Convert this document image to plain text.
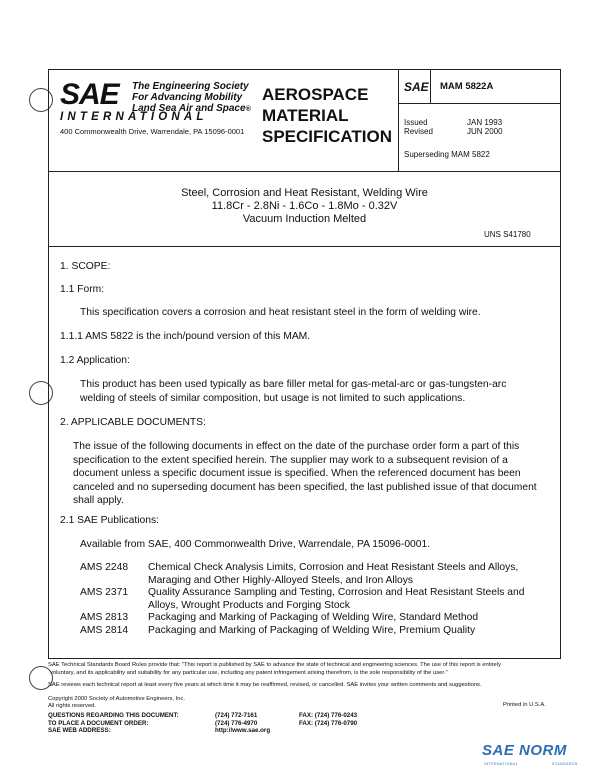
SAE	The Engineering Society
For Advancing Mobility
Land Sea Air and Space®
INTERNATIONAL
400 Commonwealth Drive, Warrendale, PA 15096-0001
AEROSPACE
MATERIAL
SPECIFICATION
SAE MAM 5822A
Issued	JAN 1993
Revised	JUN 2000
Superseding MAM 5822
Steel, Corrosion and Heat Resistant, Welding Wire
11.8Cr - 2.8Ni - 1.6Co - 1.8Mo - 0.32V
Vacuum Induction Melted
UNS S41780
1. SCOPE:
1.1 Form:
This specification covers a corrosion and heat resistant steel in the form of welding wire.
1.1.1 AMS 5822 is the inch/pound version of this MAM.
1.2 Application:
This product has been used typically as bare filler metal for gas-metal-arc or gas-tungsten-arc
welding of steels of similar composition, but usage is not limited to such applications.
2. APPLICABLE DOCUMENTS:
The issue of the following documents in effect on the date of the purchase order form a part of this
specification to the extent specified herein. The supplier may work to a subsequent revision of a
document unless a specific document issue is specified. When the referenced document has been
canceled and no superseding document has been specified, the last published issue of that document
shall apply.
2.1 SAE Publications:
Available from SAE, 400 Commonwealth Drive, Warrendale, PA 15096-0001.
AMS 2248	Chemical Check Analysis Limits, Corrosion and Heat Resistant Steels and Alloys,
Maraging and Other Highly-Alloyed Steels, and Iron Alloys
AMS 2371	Quality Assurance Sampling and Testing, Corrosion and Heat Resistant Steels and
Alloys, Wrought Products and Forging Stock
AMS 2813	Packaging and Marking of Packaging of Welding Wire, Standard Method
AMS 2814	Packaging and Marking of Packaging of Welding Wire, Premium Quality
SAE Technical Standards Board Rules provide that: "This report is published by SAE to advance the state of technical and engineering sciences. The use of this report is entirely
voluntary, and its applicability and suitability for any particular use, including any patent infringement arising therefrom, is the sole responsibility of the user."
SAE reviews each technical report at least every five years at which time it may be reaffirmed, revised, or cancelled. SAE invites your written comments and suggestions.
Copyright 2000 Society of Automotive Engineers, Inc.
All rights reserved.	Printed in U.S.A.
QUESTIONS REGARDING THIS DOCUMENT:	(724) 772-7161	FAX: (724) 776-0243
TO PLACE A DOCUMENT ORDER:	(724) 776-4970	FAX: (724) 776-0790
SAE WEB ADDRESS:	http://www.sae.org
SAE NORM
INTERNATIONAL	STANDARDS
